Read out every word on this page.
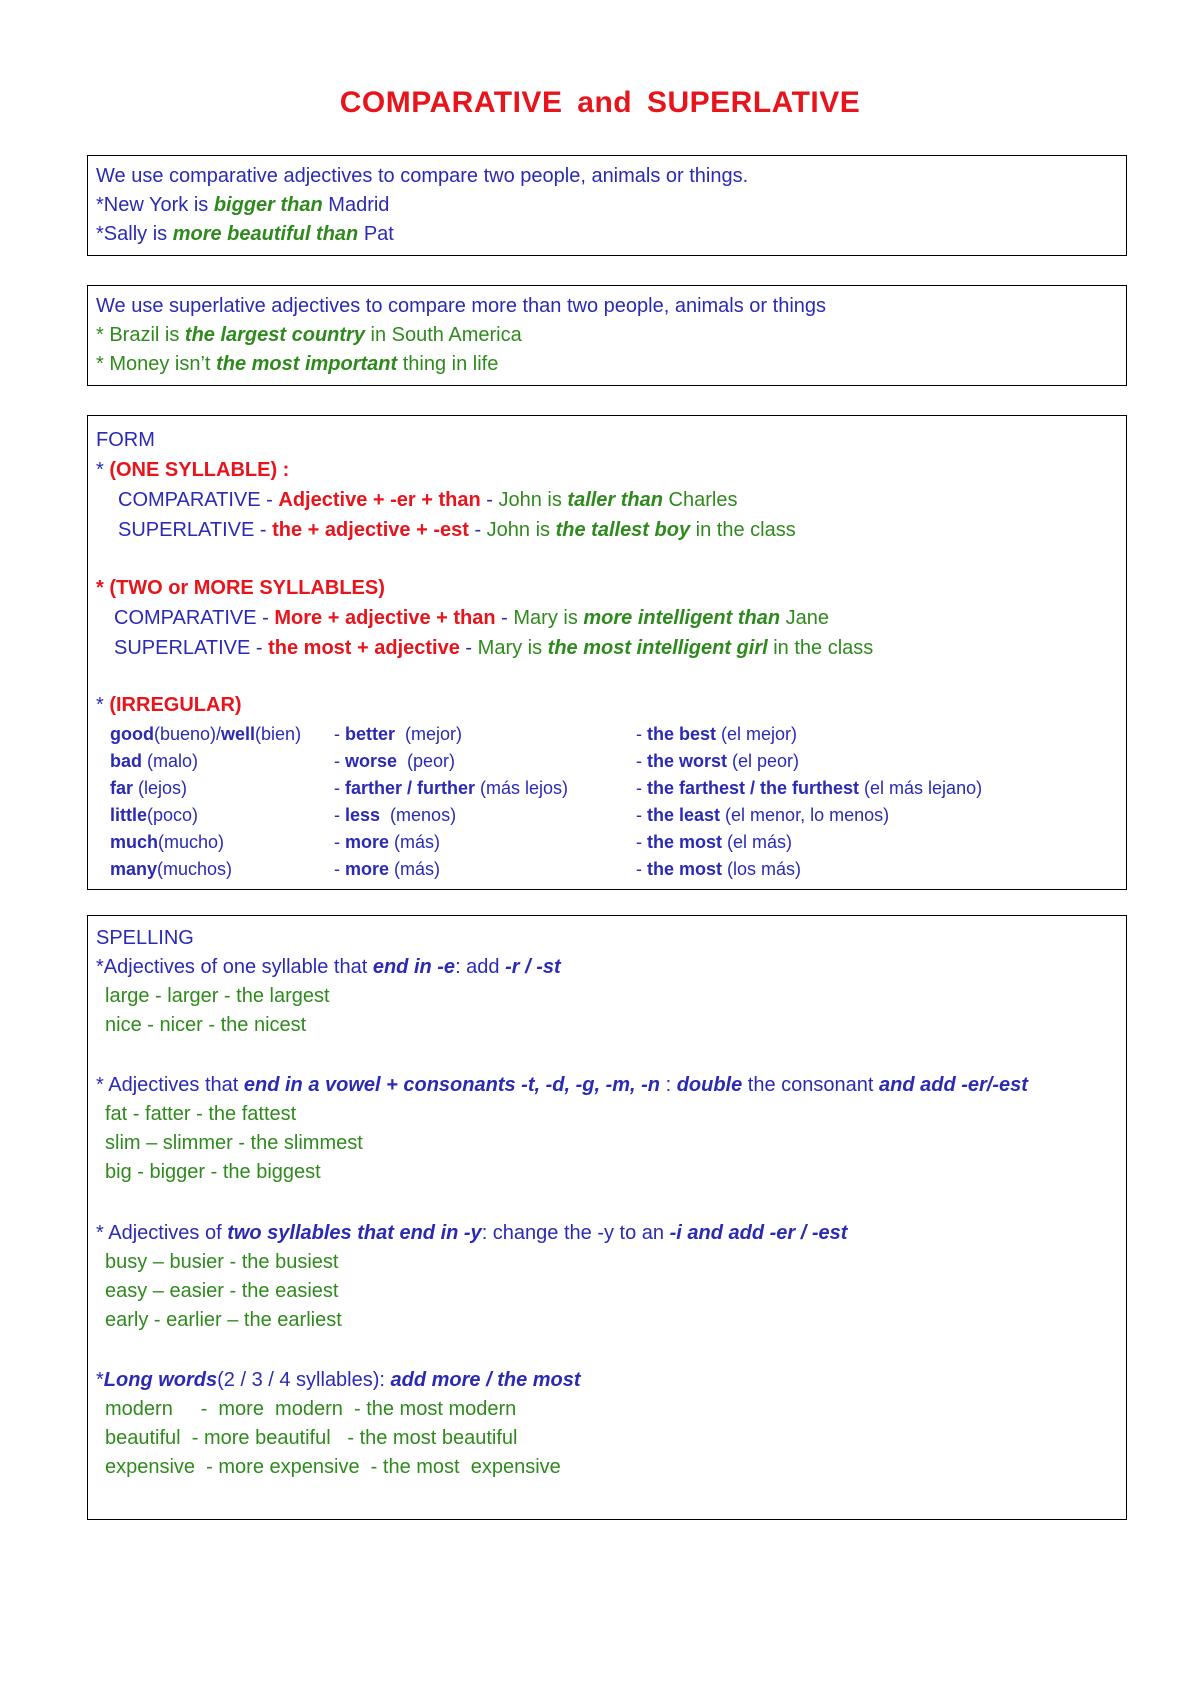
COMPARATIVE and SUPERLATIVE
We use comparative adjectives to compare two people, animals or things.
*New York is bigger than Madrid
*Sally is more beautiful than Pat
We use superlative adjectives to compare more than two people, animals or things
* Brazil is the largest country in South America
* Money isn’t the most important thing in life
FORM
* (ONE SYLLABLE) :
COMPARATIVE - Adjective + -er + than - John is taller than Charles
SUPERLATIVE - the + adjective + -est - John is the tallest boy in the class
* (TWO or MORE SYLLABLES)
COMPARATIVE - More + adjective + than - Mary is more intelligent than Jane
SUPERLATIVE - the most + adjective - Mary is the most intelligent girl in the class
* (IRREGULAR)
good(bueno)/well(bien) - better  (mejor)	- the best (el mejor)
bad (malo)	- worse  (peor)	- the worst (el peor)
far (lejos)	- farther / further (más lejos)	- the farthest / the furthest (el más lejano)
little(poco)	- less  (menos)	- the least (el menor, lo menos)
much(mucho)	- more (más)	- the most (el más)
many(muchos)	- more (más)	- the most (los más)
SPELLING
*Adjectives of one syllable that end in -e: add -r / -st
large - larger - the largest
nice - nicer - the nicest
* Adjectives that end in a vowel + consonants -t, -d, -g, -m, -n : double the consonant and add -er/-est
fat - fatter - the fattest
slim – slimmer - the slimmest
big - bigger - the biggest
* Adjectives of two syllables that end in -y: change the -y to an -i and add -er / -est
busy – busier - the busiest
easy – easier - the easiest
early - earlier – the earliest
*Long words(2 / 3 / 4 syllables): add more / the most
modern     -  more  modern  - the most modern
beautiful  - more beautiful   - the most beautiful
expensive  - more expensive  - the most  expensive
